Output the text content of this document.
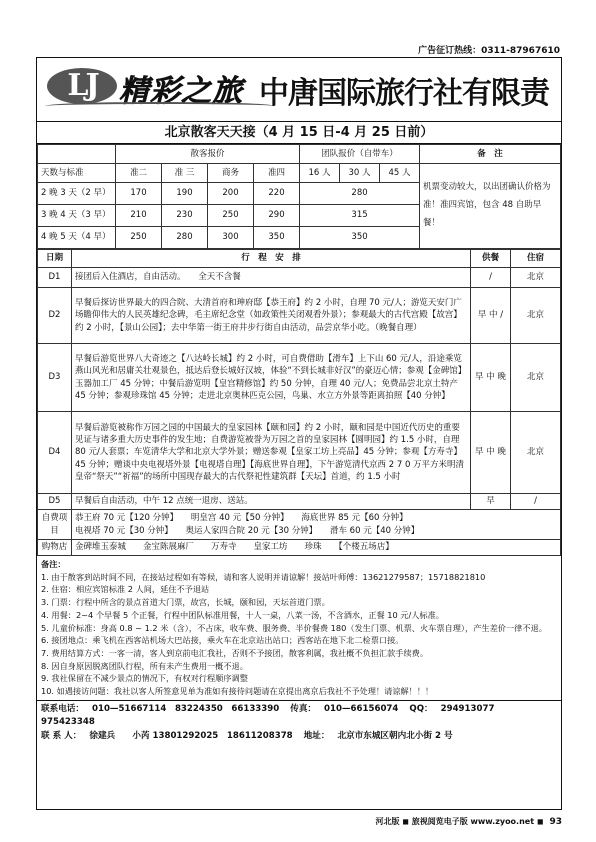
广告征订热线：0311-87967610
LJ 精彩之旅 中唐国际旅行社有限责
北京散客天天接（4 月 15 日-4 月 25 日前）
	散客报价				团队报价（自带车）			备　注
天数与标准	准二	准 三	商务	准四	16 人	30 人	45 人	机票变动较大，以出团确认价格为准！准四宾馆，包含 48 自助早餐！
2 晚 3 天（2 早）	170	190	200	220	280			
3 晚 4 天（3 早）	210	230	250	290	315			
4 晚 5 天（4 早）	250	280	300	350	350			
日期	行　程　安　排	供餐	住宿
D1	接团后入住酒店，自由活动。　　全天不含餐	/	北京
D2	早餐后探访世界最大的四合院、大清首府和珅府邸【恭王府】约 2 小时，自理 70 元/人；游览天安门广场瞻仰伟大的人民英雄纪念碑，毛主席纪念堂（如政策性关闭观看外景）；参观最大的古代宫殿【故宫】约 2 小时，【景山公园】；去中华第一街王府井步行街自由活动，品尝京华小吃。（晚餐自理）	早 中 /	北京
D3	早餐后游览世界八大奇迹之【八达岭长城】约 2 小时，可自费借助【滑车】上下山 60 元/人，沿途乘览燕山风光和居庸关壮观景色，抵达后登长城好汉坡，体验“不到长城非好汉”的豪迈心情；参观【金碑馆】玉器加工厂 45 分钟；中餐后游览明【皇宫精修馆】约 50 分钟，自理 40 元/人；免费品尝北京土特产 45 分钟；参观珍珠馆 45 分钟；走进北京奥林匹克公园，鸟巢、水立方外景等距离拍照【40 分钟】	早 中 晚	北京
D4	早餐后游览被称作万园之园的中国最大的皇家园林【颐和园】约 2 小时，颐和园是中国近代历史的重要见证与诸多重大历史事件的发生地；自费游览被誉为万园之首的皇家园林【圆明园】约 1.5 小时，自理 80 元/人套票；车览清华大学和北京大学外景；赠送参观【皇家工坊上亮品】45 分钟；参观【方寿寺】45 分钟；赠谈中央电视塔外景【电视塔自理】【海底世界自理】，下午游览清代京西 2 7 0 万平方米明清皇帝“祭天”“祈福”的场所中国现存最大的古代祭祀性建筑群【天坛】首道，约 1.5 小时	早 中 晚	北京
D5	早餐后自由活动，中午 12 点统一退房、送站。	早	/
自费项目	恭王府 70 元【120 分钟】　　明皇宫 40 元【50 分钟】　　海底世界 85 元【60 分钟】
电视塔 70 元【30 分钟】　　奥运人家四合院 20 元【30 分钟】　　滑车 60 元【40 分钟】		

购物店	金碑堆玉泰城　　金宝陈展麻厂　　万寿寺　　皇家工坊　　珍珠　　【个楼五场店】		
备注：
1. 由于散客到站时间不同，在接站过程如有等候，请和客人说明并请谅解！接站叶师傅：13621279587；15718821810
2. 住宿：相应宾馆标准 2 人间，延住不予退站
3. 门票：行程中所含的景点首道大门票，故宫，长城，颐和园，天坛首道门票。
4. 用餐：2~4 个早餐 5 个正餐，行程中团队标准用餐，十人一桌，八菜一汤，不含酒水，正餐 10 元/人标准。
5. 儿童价标准：身高 0.8 ~ 1.2 米（含），不占床，收车费、服务费、半价餐费 180（发生门票、机票、火车票自理），产生差价一律不退。
6. 接团地点：乘飞机在西客站机场大巴站接，乘火车在北京站出站口；西客站在地下北二检票口接。
7. 费用结算方式：一客一清，客人到京前电汇我社，否则不予接团，散客利属，我社概不负担汇款手续费。
8. 因自身原因脱离团队行程，所有未产生费用一概不退。
9. 我社保留在不减少景点的情况下，有权对行程顺序调整
10. 如遇接访问题：我社以客人所签意见单为准如有接待问题请在京提出离京后我社不予处理！请谅解！！！
联系电话： 010—51667114　83224350　66133390 传真： 010—66156074 QQ： 294913077　975423348
联 系 人： 徐建兵　　小芮 13801292025　18611208378 地址： 北京市东城区朝内北小街 2 号
河北版 ◼ 旅视阅览电子版 www.zyoo.net ◼ 93
